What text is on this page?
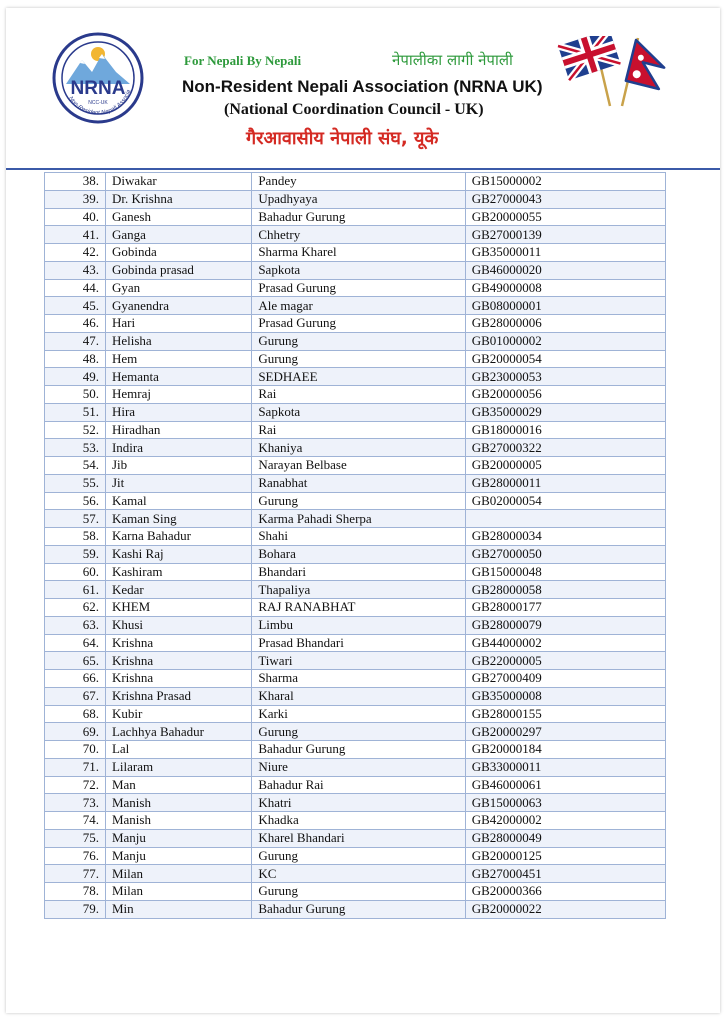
NRNA
NCC-UK
Non-Resident Nepali Associa
For Nepali By Nepali	नेपालीका लागी नेपाली
Non-Resident Nepali Association (NRNA UK)
(National Coordination Council - UK)
गैरआवासीय नेपाली संघ, यूके
38.	Diwakar	Pandey	GB15000002
39.	Dr. Krishna	Upadhyaya	GB27000043
40.	Ganesh	Bahadur Gurung	GB20000055
41.	Ganga	Chhetry	GB27000139
42.	Gobinda	Sharma Kharel	GB35000011
43.	Gobinda prasad	Sapkota	GB46000020
44.	Gyan	Prasad Gurung	GB49000008
45.	Gyanendra	Ale magar	GB08000001
46.	Hari	Prasad Gurung	GB28000006
47.	Helisha	Gurung	GB01000002
48.	Hem	Gurung	GB20000054
49.	Hemanta	SEDHAEE	GB23000053
50.	Hemraj	Rai	GB20000056
51.	Hira	Sapkota	GB35000029
52.	Hiradhan	Rai	GB18000016
53.	Indira	Khaniya	GB27000322
54.	Jib	Narayan Belbase	GB20000005
55.	Jit	Ranabhat	GB28000011
56.	Kamal	Gurung	GB02000054
57.	Kaman Sing	Karma Pahadi Sherpa	
58.	Karna Bahadur	Shahi	GB28000034
59.	Kashi Raj	Bohara	GB27000050
60.	Kashiram	Bhandari	GB15000048
61.	Kedar	Thapaliya	GB28000058
62.	KHEM	RAJ RANABHAT	GB28000177
63.	Khusi	Limbu	GB28000079
64.	Krishna	Prasad Bhandari	GB44000002
65.	Krishna	Tiwari	GB22000005
66.	Krishna	Sharma	GB27000409
67.	Krishna Prasad	Kharal	GB35000008
68.	Kubir	Karki	GB28000155
69.	Lachhya Bahadur	Gurung	GB20000297
70.	Lal	Bahadur Gurung	GB20000184
71.	Lilaram	Niure	GB33000011
72.	Man	Bahadur Rai	GB46000061
73.	Manish	Khatri	GB15000063
74.	Manish	Khadka	GB42000002
75.	Manju	Kharel Bhandari	GB28000049
76.	Manju	Gurung	GB20000125
77.	Milan	KC	GB27000451
78.	Milan	Gurung	GB20000366
79.	Min	Bahadur Gurung	GB20000022
